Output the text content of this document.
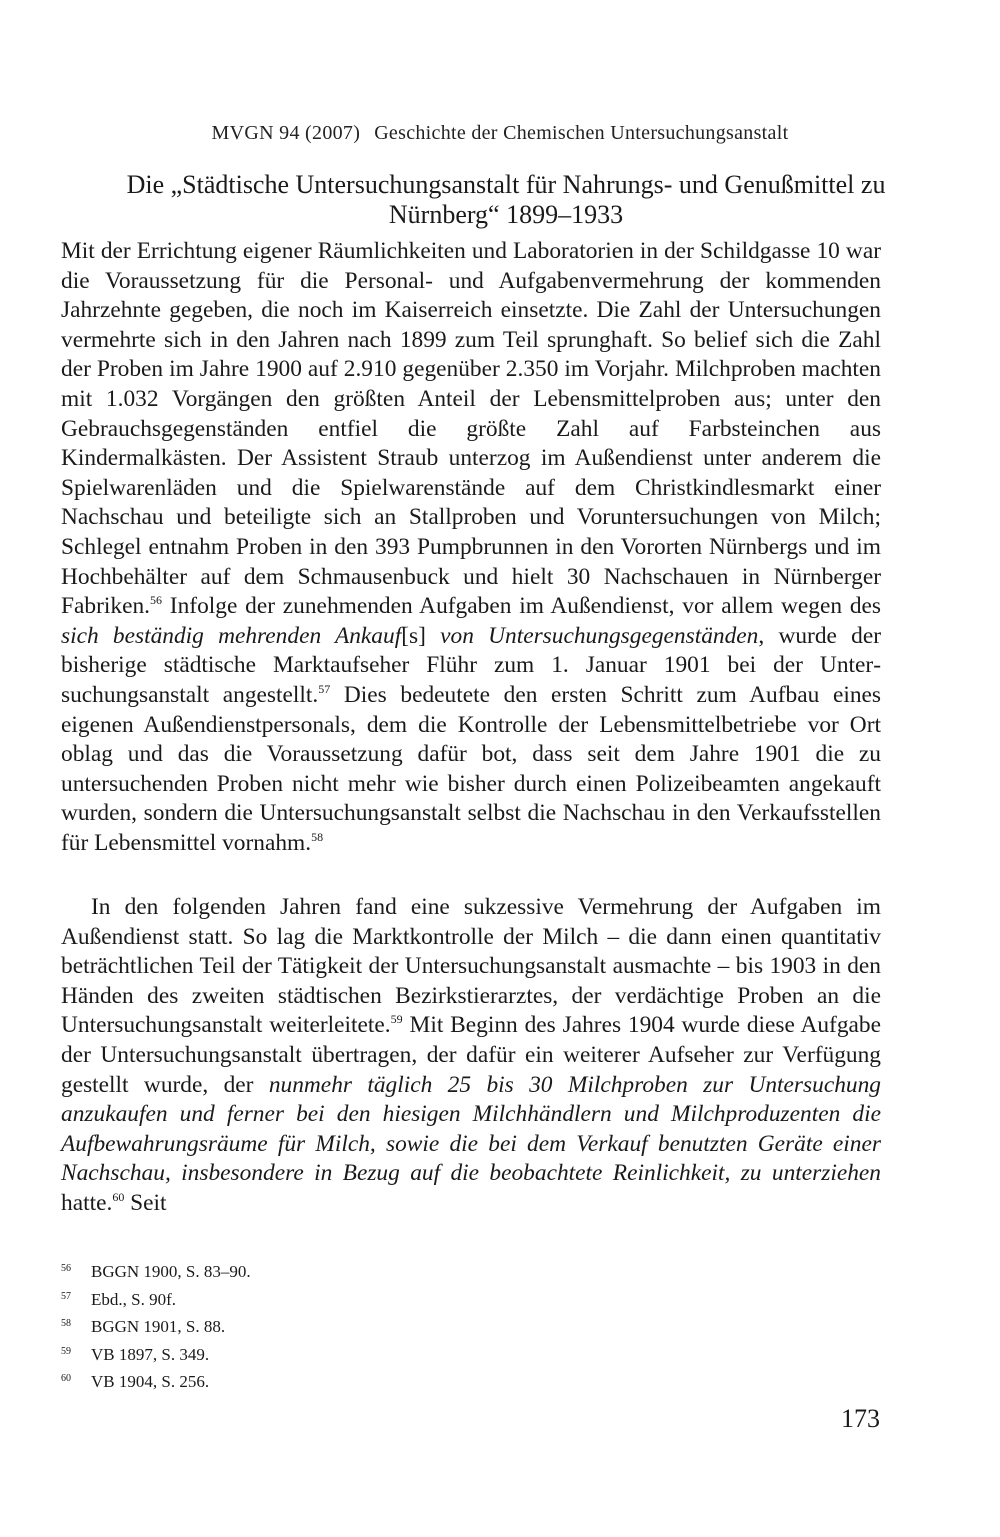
MVGN 94 (2007) Geschichte der Chemischen Untersuchungsanstalt
Die „Städtische Untersuchungsanstalt für Nahrungs- und Genußmittel zu Nürnberg“ 1899–1933

Mit der Errichtung eigener Räumlichkeiten und Laboratorien in der Schildgasse 10 war die Voraussetzung für die Personal- und Aufgabenvermehrung der kommenden Jahrzehnte gegeben, die noch im Kaiserreich einsetzte. Die Zahl der Untersuchungen vermehrte sich in den Jahren nach 1899 zum Teil sprunghaft. So belief sich die Zahl der Proben im Jahre 1900 auf 2.910 gegenüber 2.350 im Vorjahr. Milchproben machten mit 1.032 Vorgängen den größten Anteil der Lebensmittelproben aus; unter den Gebrauchsgegenständen entfiel die größte Zahl auf Farbsteinchen aus Kindermalkästen. Der Assistent Straub unterzog im Außendienst unter anderem die Spielwarenläden und die Spielwarenstände auf dem Christkindlesmarkt einer Nachschau und beteiligte sich an Stallproben und Voruntersuchungen von Milch; Schlegel entnahm Proben in den 393 Pumpbrunnen in den Vororten Nürnbergs und im Hochbehälter auf dem Schmausenbuck und hielt 30 Nachschauen in Nürnberger Fabriken.$^{56}$ Infolge der zunehmenden Aufgaben im Außendienst, vor allem wegen des sich beständig mehrenden Ankauf[s] von Untersuchungsgegenständen, wurde der bisherige städtische Marktaufseher Flühr zum 1. Januar 1901 bei der Untersuchungsanstalt angestellt.$^{57}$ Dies bedeutete den ersten Schritt zum Aufbau eines eigenen Außendienstpersonals, dem die Kontrolle der Lebensmittelbetriebe vor Ort oblag und das die Voraussetzung dafür bot, dass seit dem Jahre 1901 die zu untersuchenden Proben nicht mehr wie bisher durch einen Polizeibeamten angekauft wurden, sondern die Untersuchungsanstalt selbst die Nachschau in den Verkaufsstellen für Lebensmittel vornahm.$^{58}$

In den folgenden Jahren fand eine sukzessive Vermehrung der Aufgaben im Außendienst statt. So lag die Marktkontrolle der Milch – die dann einen quantitativ beträchtlichen Teil der Tätigkeit der Untersuchungsanstalt ausmachte – bis 1903 in den Händen des zweiten städtischen Bezirkstierarztes, der verdächtige Proben an die Untersuchungsanstalt weiterleitete.$^{59}$ Mit Beginn des Jahres 1904 wurde diese Aufgabe der Untersuchungsanstalt übertragen, der dafür ein weiterer Aufseher zur Verfügung gestellt wurde, der nunmehr täglich 25 bis 30 Milchproben zur Untersuchung anzukaufen und ferner bei den hiesigen Milchhändlern und Milchproduzenten die Aufbewahrungsräume für Milch, sowie die bei dem Verkauf benutzten Geräte einer Nachschau, insbesondere in Bezug auf die beobachtete Reinlichkeit, zu unterziehen hatte.$^{60}$ Seit

56 BGGN 1900, S. 83–90.
57 Ebd., S. 90f.
58 BGGN 1901, S. 88.
59 VB 1897, S. 349.
60 VB 1904, S. 256.
173
